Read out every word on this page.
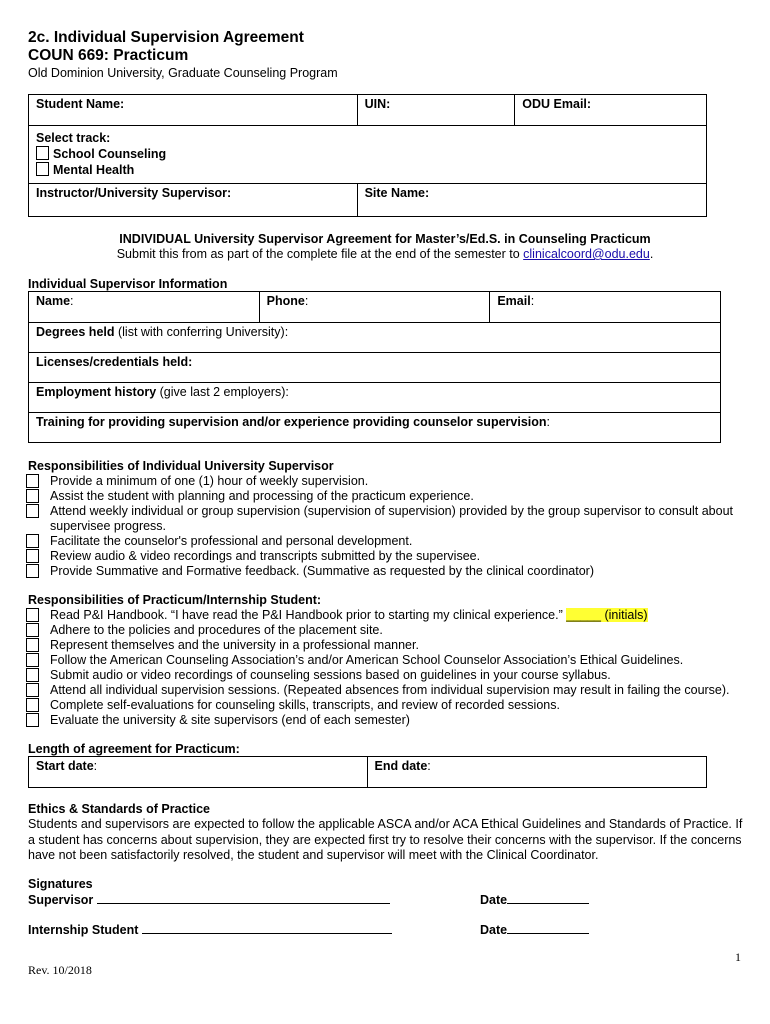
2c. Individual Supervision Agreement
COUN 669: Practicum
Old Dominion University, Graduate Counseling Program
Student Name:	UIN:	ODU Email:

Select track:
School Counseling
Mental Health		

Instructor/University Supervisor:	Site Name:	
INDIVIDUAL University Supervisor Agreement for Master’s/Ed.S. in Counseling Practicum
Submit this from as part of the complete file at the end of the semester to clinicalcoord@odu.edu.
Individual Supervisor Information
Name:	Phone:	Email:
Degrees held (list with conferring University):
Licenses/credentials held:
Employment history (give last 2 employers):
Training for providing supervision and/or experience providing counselor supervision:
Responsibilities of Individual University Supervisor
Provide a minimum of one (1) hour of weekly supervision.
Assist the student with planning and processing of the practicum experience.
Attend weekly individual or group supervision (supervision of supervision) provided by the group supervisor to consult about
supervisee progress.
Facilitate the counselor's professional and personal development.
Review audio & video recordings and transcripts submitted by the supervisee.
Provide Summative and Formative feedback. (Summative as requested by the clinical coordinator)
Responsibilities of Practicum/Internship Student:
Read P&I Handbook. “I have read the P&I Handbook prior to starting my clinical experience.” _____ (initials)
Adhere to the policies and procedures of the placement site.
Represent themselves and the university in a professional manner.
Follow the American Counseling Association’s and/or American School Counselor Association’s Ethical Guidelines.
Submit audio or video recordings of counseling sessions based on guidelines in your course syllabus.
Attend all individual supervision sessions. (Repeated absences from individual supervision may result in failing the course).
Complete self-evaluations for counseling skills, transcripts, and review of recorded sessions.
Evaluate the university & site supervisors (end of each semester)
Length of agreement for Practicum:
Start date:	End date:
Ethics & Standards of Practice
Students and supervisors are expected to follow the applicable ASCA and/or ACA Ethical Guidelines and Standards of Practice. If a student has concerns about supervision, they are expected first try to resolve their concerns with the supervisor. If the concerns have not been satisfactorily resolved, the student and supervisor will meet with the Clinical Coordinator.
Signatures
Supervisor	Date
Internship Student	Date
1
Rev. 10/2018
